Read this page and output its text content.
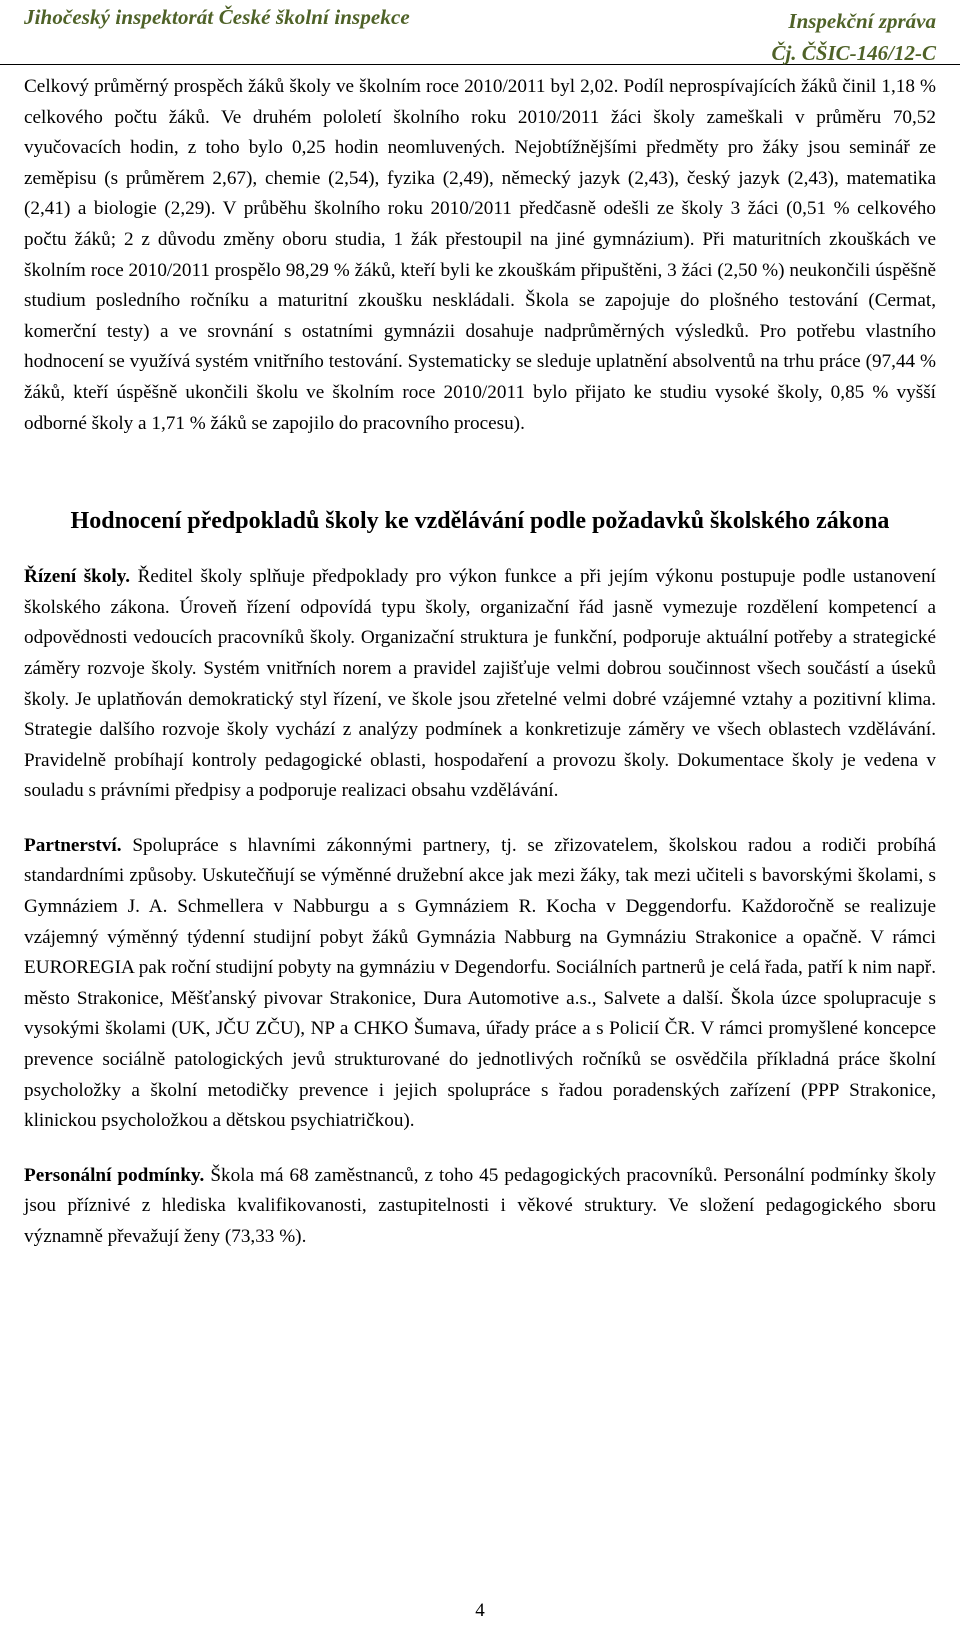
Jihočeský inspektorát České školní inspekce	Inspekční zpráva
Čj. ČŠIC-146/12-C

Celkový průměrný prospěch žáků školy ve školním roce 2010/2011 byl 2,02. Podíl neprospívajících žáků činil 1,18 % celkového počtu žáků. Ve druhém pololetí školního roku 2010/2011 žáci školy zameškali v průměru 70,52 vyučovacích hodin, z toho bylo 0,25 hodin neomluvených. Nejobtížnějšími předměty pro žáky jsou seminář ze zeměpisu (s průměrem 2,67), chemie (2,54), fyzika (2,49), německý jazyk (2,43), český jazyk (2,43), matematika (2,41) a biologie (2,29). V průběhu školního roku 2010/2011 předčasně odešli ze školy 3 žáci (0,51 % celkového počtu žáků; 2 z důvodu změny oboru studia, 1 žák přestoupil na jiné gymnázium). Při maturitních zkouškách ve školním roce 2010/2011 prospělo 98,29 % žáků, kteří byli ke zkouškám připuštěni, 3 žáci (2,50 %) neukončili úspěšně studium posledního ročníku a maturitní zkoušku neskládali. Škola se zapojuje do plošného testování (Cermat, komerční testy) a ve srovnání s ostatními gymnázii dosahuje nadprůměrných výsledků. Pro potřebu vlastního hodnocení se využívá systém vnitřního testování. Systematicky se sleduje uplatnění absolventů na trhu práce (97,44 % žáků, kteří úspěšně ukončili školu ve školním roce 2010/2011 bylo přijato ke studiu vysoké školy, 0,85 % vyšší odborné školy a 1,71 % žáků se zapojilo do pracovního procesu).

Hodnocení předpokladů školy ke vzdělávání podle požadavků školského zákona

Řízení školy. Ředitel školy splňuje předpoklady pro výkon funkce a při jejím výkonu postupuje podle ustanovení školského zákona. Úroveň řízení odpovídá typu školy, organizační řád jasně vymezuje rozdělení kompetencí a odpovědnosti vedoucích pracovníků školy. Organizační struktura je funkční, podporuje aktuální potřeby a strategické záměry rozvoje školy. Systém vnitřních norem a pravidel zajišťuje velmi dobrou součinnost všech součástí a úseků školy. Je uplatňován demokratický styl řízení, ve škole jsou zřetelné velmi dobré vzájemné vztahy a pozitivní klima. Strategie dalšího rozvoje školy vychází z analýzy podmínek a konkretizuje záměry ve všech oblastech vzdělávání. Pravidelně probíhají kontroly pedagogické oblasti, hospodaření a provozu školy. Dokumentace školy je vedena v souladu s právními předpisy a podporuje realizaci obsahu vzdělávání.

Partnerství. Spolupráce s hlavními zákonnými partnery, tj. se zřizovatelem, školskou radou a rodiči probíhá standardními způsoby. Uskutečňují se výměnné družební akce jak mezi žáky, tak mezi učiteli s bavorskými školami, s Gymnáziem J. A. Schmellera v Nabburgu a s Gymnáziem R. Kocha v Deggendorfu. Každoročně se realizuje vzájemný výměnný týdenní studijní pobyt žáků Gymnázia Nabburg na Gymnáziu Strakonice a opačně. V rámci EUROREGIA pak roční studijní pobyty na gymnáziu v Degendorfu. Sociálních partnerů je celá řada, patří k nim např. město Strakonice, Měšťanský pivovar Strakonice, Dura Automotive a.s., Salvete a další. Škola úzce spolupracuje s vysokými školami (UK, JČU ZČU), NP a CHKO Šumava, úřady práce a s Policií ČR. V rámci promyšlené koncepce prevence sociálně patologických jevů strukturované do jednotlivých ročníků se osvědčila příkladná práce školní psycholožky a školní metodičky prevence i jejich spolupráce s řadou poradenských zařízení (PPP Strakonice, klinickou psycholožkou a dětskou psychiatričkou).

Personální podmínky. Škola má 68 zaměstnanců, z toho 45 pedagogických pracovníků. Personální podmínky školy jsou příznivé z hlediska kvalifikovanosti, zastupitelnosti i věkové struktury. Ve složení pedagogického sboru významně převažují ženy (73,33 %).

4
